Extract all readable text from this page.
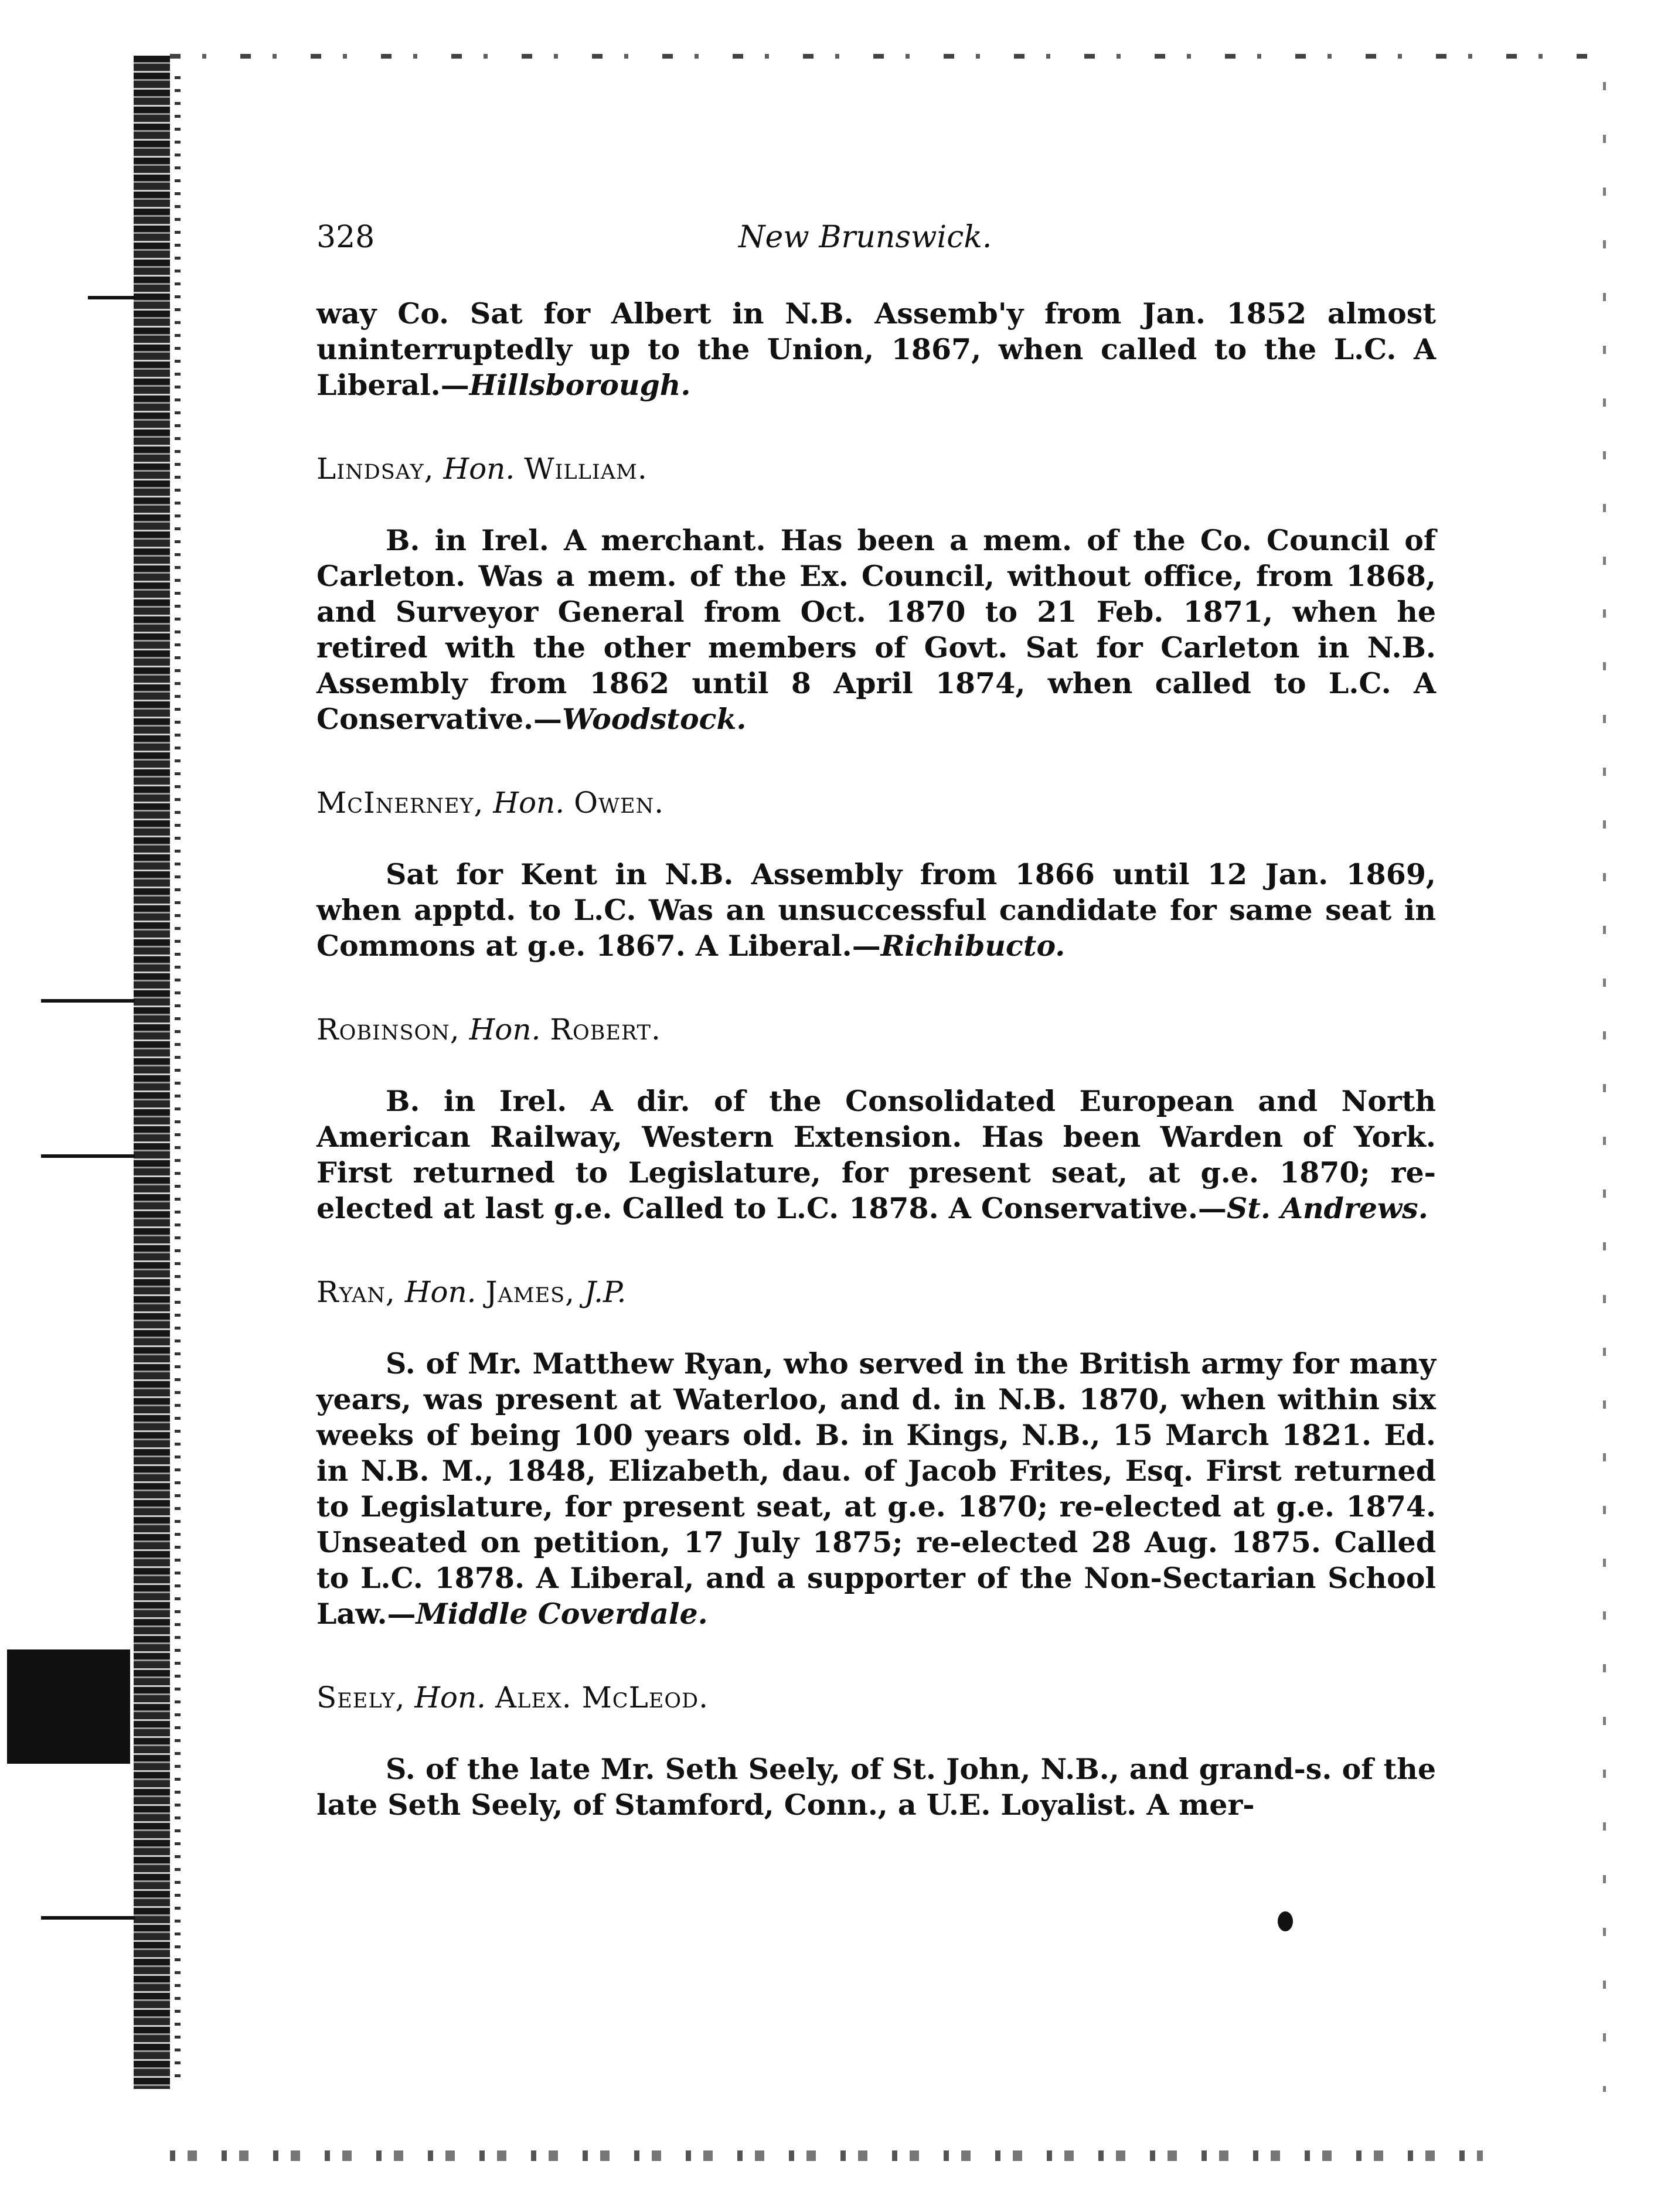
328	New Brunswick.

way Co. Sat for Albert in N.B. Assemb'y from Jan. 1852 almost uninterruptedly up to the Union, 1867, when called to the L.C. A Liberal.—Hillsborough.

Lindsay, Hon. William.

B. in Irel. A merchant. Has been a mem. of the Co. Council of Carleton. Was a mem. of the Ex. Council, without office, from 1868, and Surveyor General from Oct. 1870 to 21 Feb. 1871, when he retired with the other members of Govt. Sat for Carleton in N.B. Assembly from 1862 until 8 April 1874, when called to L.C. A Conservative.—Woodstock.

McInerney, Hon. Owen.

Sat for Kent in N.B. Assembly from 1866 until 12 Jan. 1869, when apptd. to L.C. Was an unsuccessful candidate for same seat in Commons at g.e. 1867. A Liberal.—Richibucto.

Robinson, Hon. Robert.

B. in Irel. A dir. of the Consolidated European and North American Railway, Western Extension. Has been Warden of York. First returned to Legislature, for present seat, at g.e. 1870; re-elected at last g.e. Called to L.C. 1878. A Conservative.—St. Andrews.

Ryan, Hon. James, J.P.

S. of Mr. Matthew Ryan, who served in the British army for many years, was present at Waterloo, and d. in N.B. 1870, when within six weeks of being 100 years old. B. in Kings, N.B., 15 March 1821. Ed. in N.B. M., 1848, Elizabeth, dau. of Jacob Frites, Esq. First returned to Legislature, for present seat, at g.e. 1870; re-elected at g.e. 1874. Unseated on petition, 17 July 1875; re-elected 28 Aug. 1875. Called to L.C. 1878. A Liberal, and a supporter of the Non-Sectarian School Law.—Middle Coverdale.

Seely, Hon. Alex. McLeod.

S. of the late Mr. Seth Seely, of St. John, N.B., and grand-s. of the late Seth Seely, of Stamford, Conn., a U.E. Loyalist. A mer-
